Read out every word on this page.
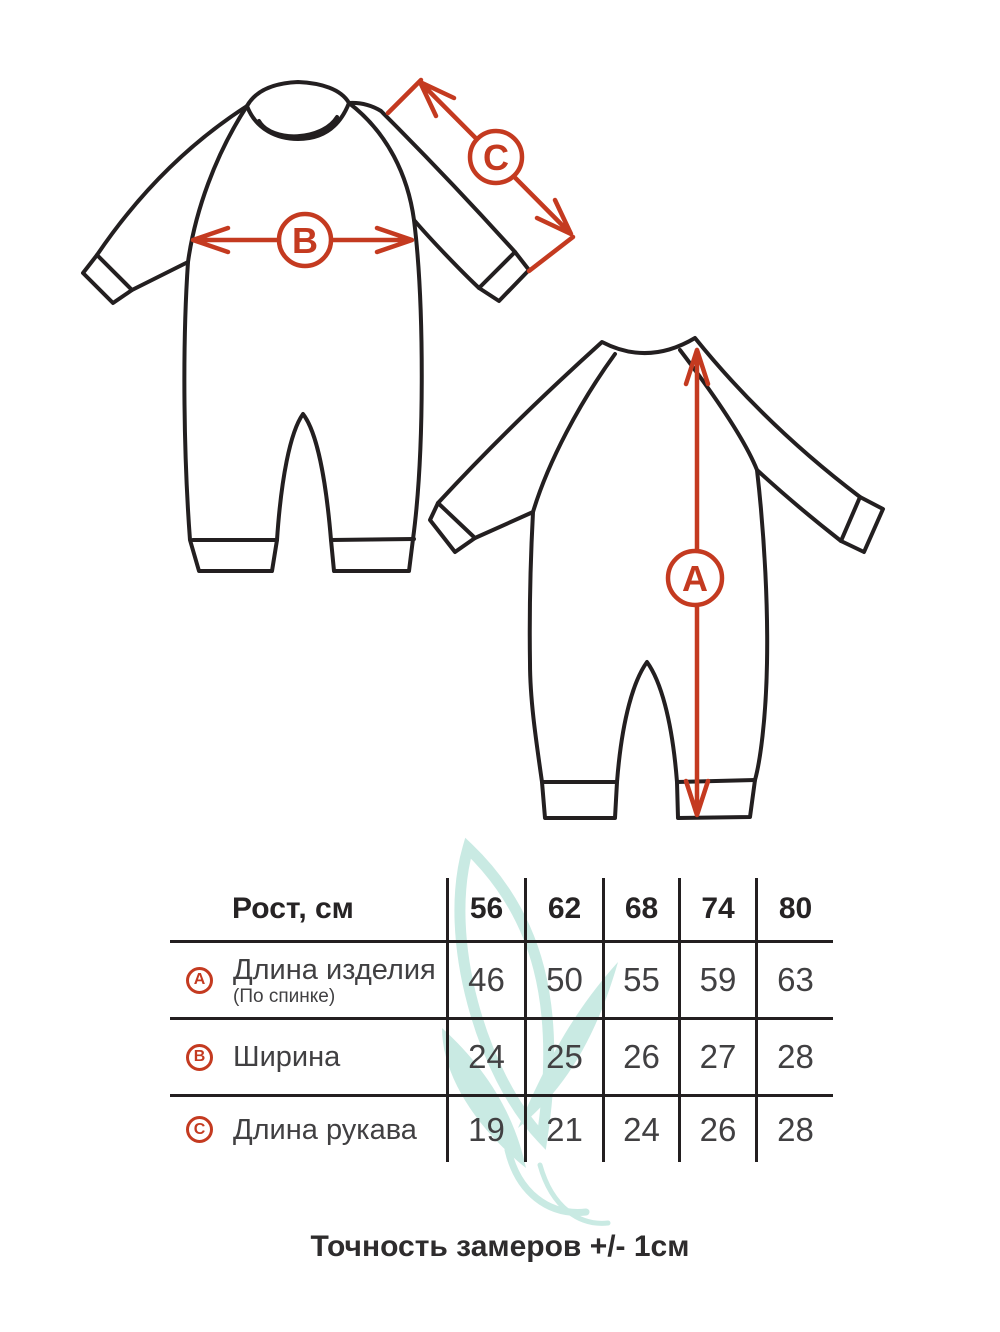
B
C
A
Рост, см	56	62	68	74	80
A Длина изделия
(По спинке)	46	50	55	59	63
B Ширина	24	25	26	27	28
C Длина рукава	19	21	24	26	28
Точность замеров +/- 1см
